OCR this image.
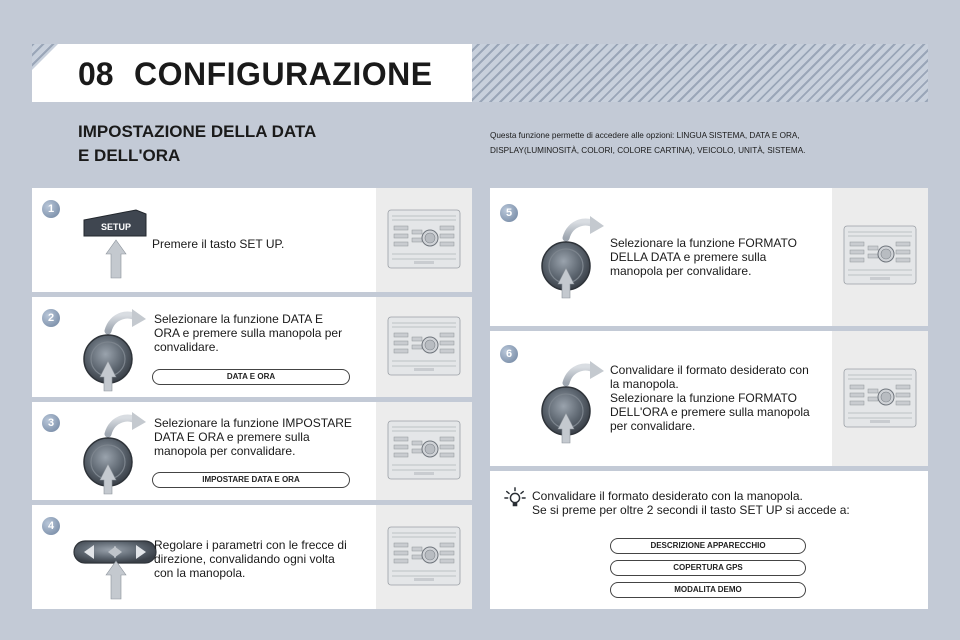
08 CONFIGURAZIONE
IMPOSTAZIONE DELLA DATA
E DELL'ORA
Questa funzione permette di accedere alle opzioni: LINGUA SISTEMA, DATA E ORA,
DISPLAY(LUMINOSITÀ, COLORI, COLORE CARTINA), VEICOLO, UNITÀ, SISTEMA.
1
SETUP
Premere il tasto SET UP.
2	Selezionare la funzione DATA E
ORA e premere sulla manopola per
convalidare.
DATA E ORA
3	Selezionare la funzione IMPOSTARE
DATA E ORA e premere sulla
manopola per convalidare.
IMPOSTARE DATA E ORA
4
Regolare i parametri con le frecce di
direzione, convalidando ogni volta
con la manopola.
5
Selezionare la funzione FORMATO
DELLA DATA e premere sulla
manopola per convalidare.
6
Convalidare il formato desiderato con
la manopola.
Selezionare la funzione FORMATO
DELL'ORA e premere sulla manopola
per convalidare.
Convalidare il formato desiderato con la manopola.
Se si preme per oltre 2 secondi il tasto SET UP si accede a:
DESCRIZIONE APPARECCHIO
COPERTURA GPS
MODALITA DEMO
